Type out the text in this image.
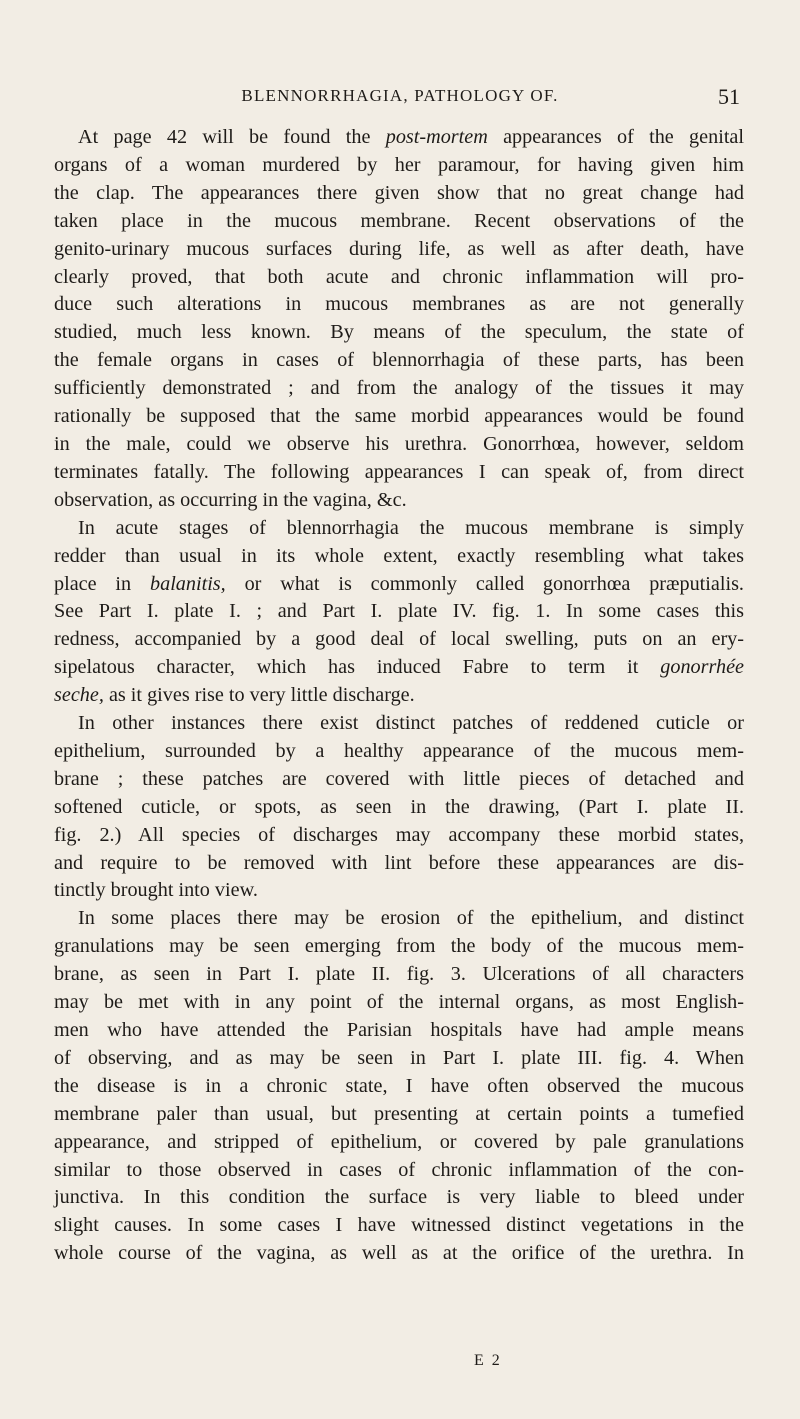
BLENNORRHAGIA, PATHOLOGY OF.	51

At page 42 will be found the post-mortem appearances of the genital
organs of a woman murdered by her paramour, for having given him
the clap. The appearances there given show that no great change had
taken place in the mucous membrane. Recent observations of the
genito-urinary mucous surfaces during life, as well as after death, have
clearly proved, that both acute and chronic inflammation will pro-
duce such alterations in mucous membranes as are not generally
studied, much less known. By means of the speculum, the state of
the female organs in cases of blennorrhagia of these parts, has been
sufficiently demonstrated ; and from the analogy of the tissues it may
rationally be supposed that the same morbid appearances would be found
in the male, could we observe his urethra. Gonorrhœa, however, seldom
terminates fatally. The following appearances I can speak of, from direct
observation, as occurring in the vagina, &c.

In acute stages of blennorrhagia the mucous membrane is simply
redder than usual in its whole extent, exactly resembling what takes
place in balanitis, or what is commonly called gonorrhœa præputialis.
See Part I. plate I. ; and Part I. plate IV. fig. 1. In some cases this
redness, accompanied by a good deal of local swelling, puts on an ery-
sipelatous character, which has induced Fabre to term it gonorrhée
seche, as it gives rise to very little discharge.

In other instances there exist distinct patches of reddened cuticle or
epithelium, surrounded by a healthy appearance of the mucous mem-
brane ; these patches are covered with little pieces of detached and
softened cuticle, or spots, as seen in the drawing, (Part I. plate II.
fig. 2.) All species of discharges may accompany these morbid states,
and require to be removed with lint before these appearances are dis-
tinctly brought into view.

In some places there may be erosion of the epithelium, and distinct
granulations may be seen emerging from the body of the mucous mem-
brane, as seen in Part I. plate II. fig. 3. Ulcerations of all characters
may be met with in any point of the internal organs, as most English-
men who have attended the Parisian hospitals have had ample means
of observing, and as may be seen in Part I. plate III. fig. 4. When
the disease is in a chronic state, I have often observed the mucous
membrane paler than usual, but presenting at certain points a tumefied
appearance, and stripped of epithelium, or covered by pale granulations
similar to those observed in cases of chronic inflammation of the con-
junctiva. In this condition the surface is very liable to bleed under
slight causes. In some cases I have witnessed distinct vegetations in the
whole course of the vagina, as well as at the orifice of the urethra. In

E 2
